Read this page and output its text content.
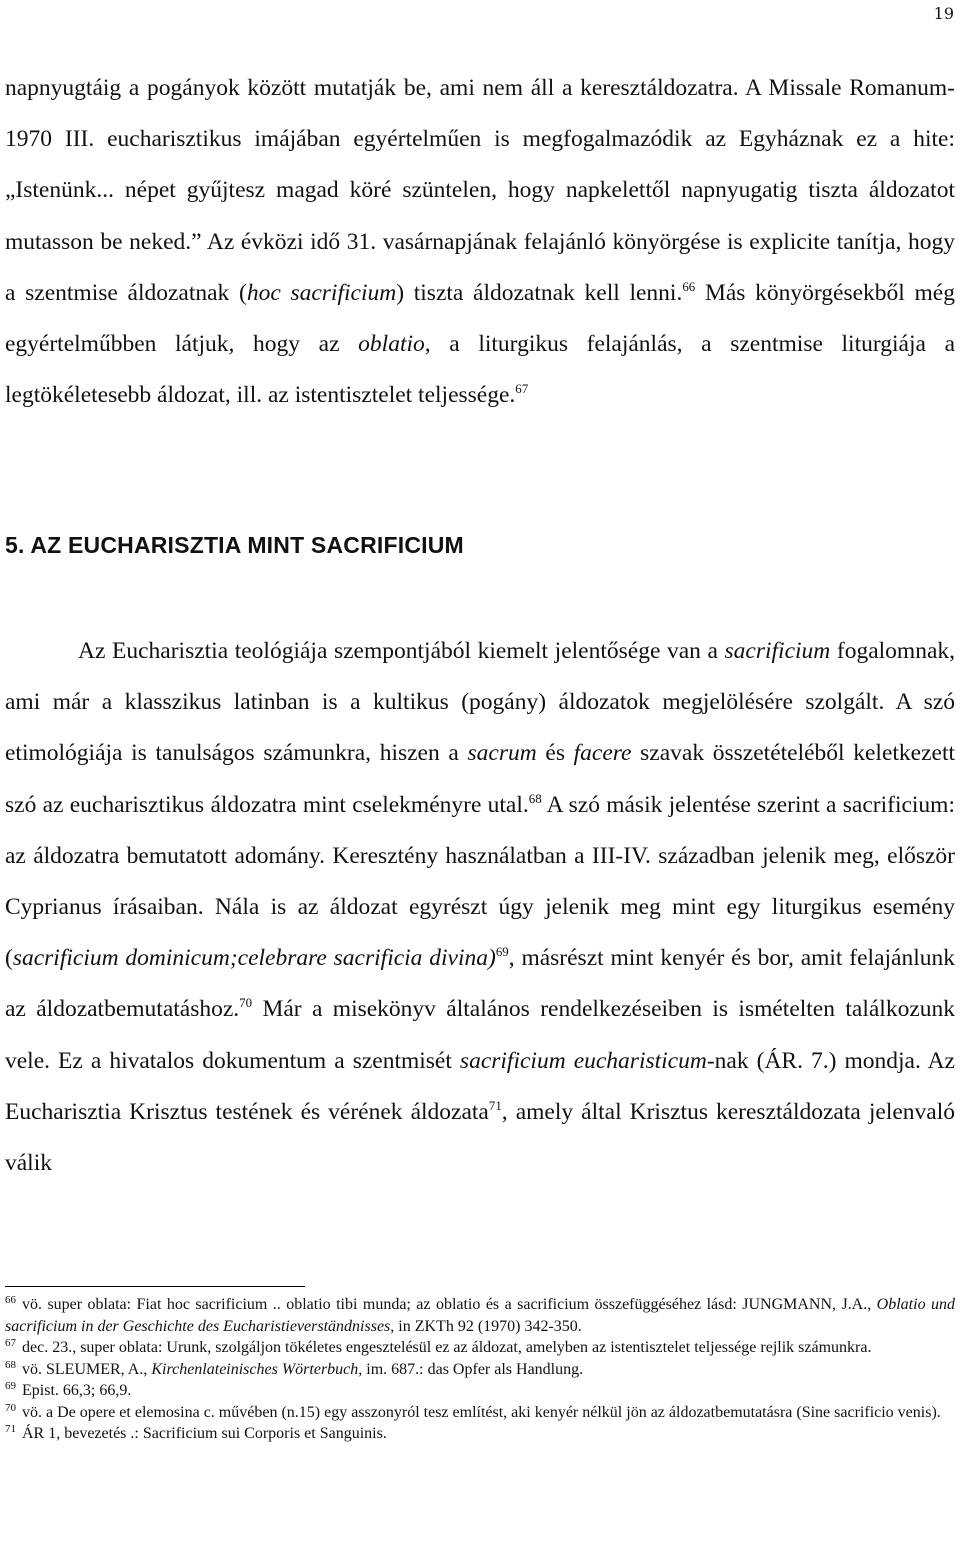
19
napnyugtáig a pogányok között mutatják be, ami nem áll a keresztáldozatra. A Missale Romanum-1970 III. eucharisztikus imájában egyértelműen is megfogalmazódik az Egyháznak ez a hite: „Istenünk... népet gyűjtesz magad köré szüntelen, hogy napkelettől napnyugatig tiszta áldozatot mutasson be neked.” Az évközi idő 31. vasárnapjának felajánló könyörgése is explicite tanítja, hogy a szentmise áldozatnak (hoc sacrificium) tiszta áldozatnak kell lenni.$^{66}$ Más könyörgésekből még egyértelműbben látjuk, hogy az oblatio, a liturgikus felajánlás, a szentmise liturgiája a legtökéletesebb áldozat, ill. az istentisztelet teljessége.$^{67}$
5. AZ EUCHARISZTIA MINT SACRIFICIUM
Az Eucharisztia teológiája szempontjából kiemelt jelentősége van a sacrificium fogalomnak, ami már a klasszikus latinban is a kultikus (pogány) áldozatok megjelölésére szolgált. A szó etimológiája is tanulságos számunkra, hiszen a sacrum és facere szavak összetételéből keletkezett szó az eucharisztikus áldozatra mint cselekményre utal.$^{68}$ A szó másik jelentése szerint a sacrificium: az áldozatra bemutatott adomány. Keresztény használatban a III-IV. században jelenik meg, először Cyprianus írásaiban. Nála is az áldozat egyrészt úgy jelenik meg mint egy liturgikus esemény (sacrificium dominicum;celebrare sacrificia divina)$^{69}$, másrészt mint kenyér és bor, amit felajánlunk az áldozatbemutatáshoz.$^{70}$ Már a misekönyv általános rendelkezéseiben is ismételten találkozunk vele. Ez a hivatalos dokumentum a szentmisét sacrificium eucharisticum-nak (ÁR. 7.) mondja. Az Eucharisztia Krisztus testének és vérének áldozata$^{71}$, amely által Krisztus keresztáldozata jelenvaló válik

$^{66}$ vö. super oblata: Fiat hoc sacrificium .. oblatio tibi munda; az oblatio és a sacrificium összefüggéséhez lásd: JUNGMANN, J.A., Oblatio und sacrificium in der Geschichte des Eucharistieverständnisses, in ZKTh 92 (1970) 342-350.

$^{67}$ dec. 23., super oblata: Urunk, szolgáljon tökéletes engesztelésül ez az áldozat, amelyben az istentisztelet teljessége rejlik számunkra.

$^{68}$ vö. SLEUMER, A., Kirchenlateinisches Wörterbuch, im. 687.: das Opfer als Handlung.

$^{69}$ Epist. 66,3; 66,9.

$^{70}$ vö. a De opere et elemosina c. művében (n.15) egy asszonyról tesz említést, aki kenyér nélkül jön az áldozatbemutatásra (Sine sacrificio venis).

$^{71}$ ÁR 1, bevezetés .: Sacrificium sui Corporis et Sanguinis.
